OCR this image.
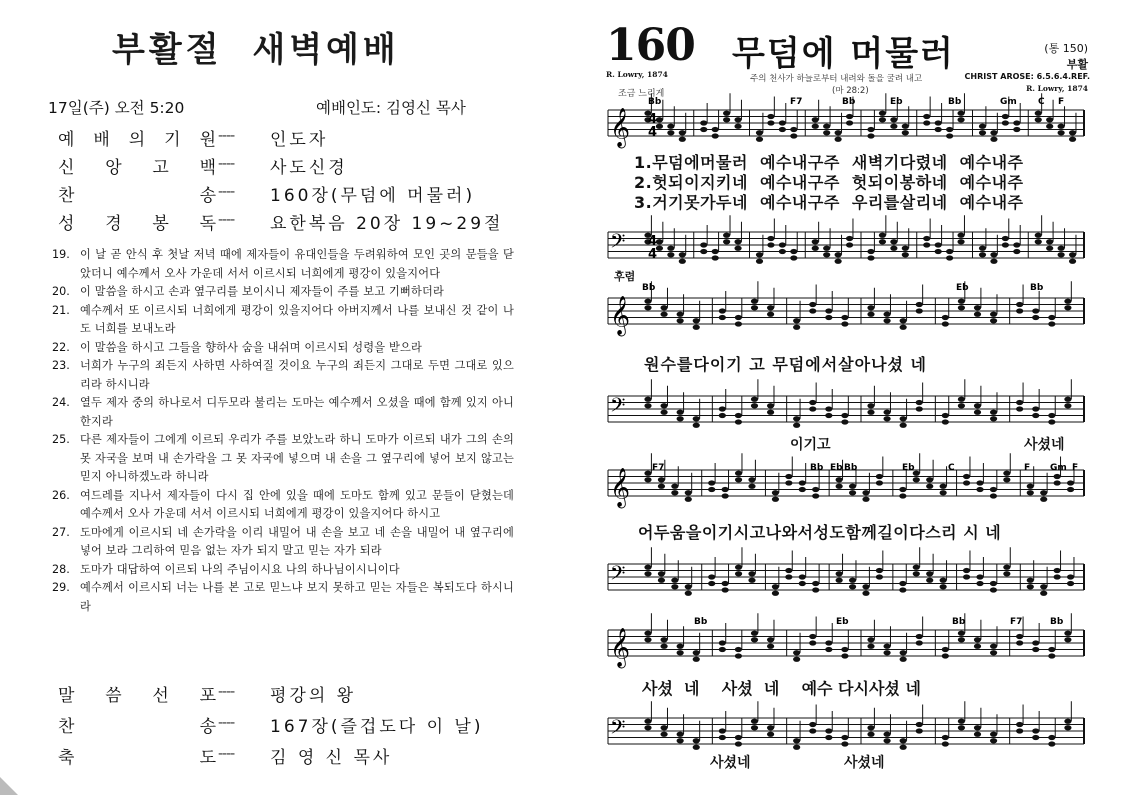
부활절 새벽예배
17일(주) 오전 5:20	예배인도: 김영신 목사
예 배 의 기 원 ---- 인도자
신 앙 고 백 ---- 사도신경
찬	송 ---- 160장(무덤에 머물러)
성 경 봉 독 ---- 요한복음 20장 19~29절
19. 이 날 곧 안식 후 첫날 저녁 때에 제자들이 유대인들을 두려워하여 모인 곳의 문들을 닫았더니 예수께서 오사 가운데 서서 이르시되 너희에게 평강이 있을지어다
20. 이 말씀을 하시고 손과 옆구리를 보이시니 제자들이 주를 보고 기뻐하더라
21. 예수께서 또 이르시되 너희에게 평강이 있을지어다 아버지께서 나를 보내신 것 같이 나도 너희를 보내노라
22. 이 말씀을 하시고 그들을 향하사 숨을 내쉬며 이르시되 성령을 받으라
23. 너희가 누구의 죄든지 사하면 사하여질 것이요 누구의 죄든지 그대로 두면 그대로 있으리라 하시니라
24. 열두 제자 중의 하나로서 디두모라 불리는 도마는 예수께서 오셨을 때에 함께 있지 아니한지라
25. 다른 제자들이 그에게 이르되 우리가 주를 보았노라 하니 도마가 이르되 내가 그의 손의 못 자국을 보며 내 손가락을 그 못 자국에 넣으며 내 손을 그 옆구리에 넣어 보지 않고는 믿지 아니하겠노라 하니라
26. 여드레를 지나서 제자들이 다시 집 안에 있을 때에 도마도 함께 있고 문들이 닫혔는데 예수께서 오사 가운데 서서 이르시되 너희에게 평강이 있을지어다 하시고
27. 도마에게 이르시되 네 손가락을 이리 내밀어 내 손을 보고 네 손을 내밀어 내 옆구리에 넣어 보라 그리하여 믿음 없는 자가 되지 말고 믿는 자가 되라
28. 도마가 대답하여 이르되 나의 주님이시요 나의 하나님이시니이다
29. 예수께서 이르시되 너는 나를 본 고로 믿느냐 보지 못하고 믿는 자들은 복되도다 하시니라
말 씀 선 포 ---- 평강의 왕
찬	송 ---- 167장(즐겁도다 이 날)
축	도 ---- 김 영 신 목사
160 무덤에 머물러	(통 150)
부활
R. Lowry, 1874	주의 천사가 하늘로부터 내려와 돌을 굴려 내고
(마 28:2)
CHRIST AROSE: 6.5.6.4.REF.
R. Lowry, 1874
조금 느리게
𝄞
Bb	F7	Bb	Eb	Bb	Gm C F
𝄢
𝄞
Bb	Eb	Bb
𝄢
𝄞 F7	Bb Eb Bb	Eb	C	F Gm F
𝄢
𝄞
Bb	Eb	Bb	F7	Bb
𝄢
4
4
4
4
후렴
1.무덤에머물러 예수내구주 새벽기다렸네 예수내주
2.헛되이지키네 예수내구주 헛되이봉하네 예수내주
3.거기못가두네 예수내구주 우리를살리네 예수내주
원수를다이기 고 무덤에서살아나셨 네
이기고	사셨네
어두움을이기시고나와서성도함께길이다스리 시 네
사셨  네    사셨  네    예수 다시사셨 네
사셨네	사셨네
